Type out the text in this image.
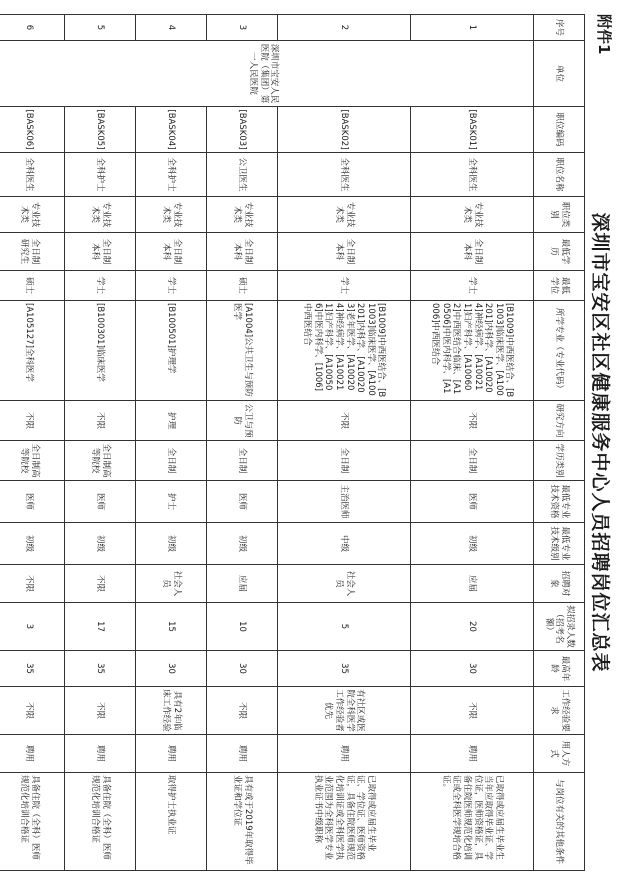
附件1
深圳市宝安区社区健康服务中心人员招聘岗位汇总表
序号	单位	职位编码	职位名称	职位类别	最低学历	最低学位	所学专业（专业代码）	研究方向	学历类别	最低专业技术资格	最低专业技术级别	招聘对象	拟招录人数（招考名额）	最高年龄	工作经验要求	用人方式	与岗位有关的其他条件
1	深圳市宝安人民医院（集团）第一人民医院	[BASK01]	全科医生	专业技术类	全日制本科	学士	[B1009]中西医结合、[B1003]临床医学、[A100201]内科学、[A100204]神经病学、[A100211]妇产科学、[A100602]中西医结合临床、[A10506]中医内科学、[A1006]中西医结合	不限	全日制	医师	初级	应届	20	30	不限	聘用	已取得或应届生毕业生当年应取得毕业证、学位证，医师资格证，具备住院医师规范化培训证或全科医学规培合格证。
2		[BASK02]	全科医生	专业技术类	全日制本科	学士	[B1009]中西医结合、[B1003]临床医学、[A100201]内科学、[A100203]老年医学、[A100204]神经病学、[A100211]妇产科学、[A100506]中医内科学、[1006]中西医结合	不限	全日制	主治医师	中级	社会人员	5	35	有社区或医院全科医学工作经验者优先	聘用	已取得或应届生毕业证、学位证、医师资格证，具备住院医师规范化培训证或全科医学执业范围为全科医学专业执业证书中级职称
3		[BASK03]	公卫医生	专业技术类	全日制本科	硕士	[A1004]公共卫生与预防医学	公卫与预防	全日制	医师	初级	应届	10	30	不限	聘用	具有或于2019年取得毕业证和学位证
4		[BASK04]	全科护士	专业技术类	全日制本科	学士	[B100501]护理学	护理	全日制	护士	初级	社会人员	15	30	具有2年临床工作经验	聘用	取得护士执业证
5		[BASK05]	全科护士	专业技术类	全日制本科	学士	[B100301]临床医学	不限	全日制高等院校	医师	初级	不限	17	35	不限	聘用	具备住院（全科）医师规范化培训合格证
6		[BASK06]	全科医生	专业技术类	全日制研究生	硕士	[A105127]全科医学	不限	全日制高等院校	医师	初级	不限	3	35	不限	聘用	具备住院（全科）医师规范化培训合格证
